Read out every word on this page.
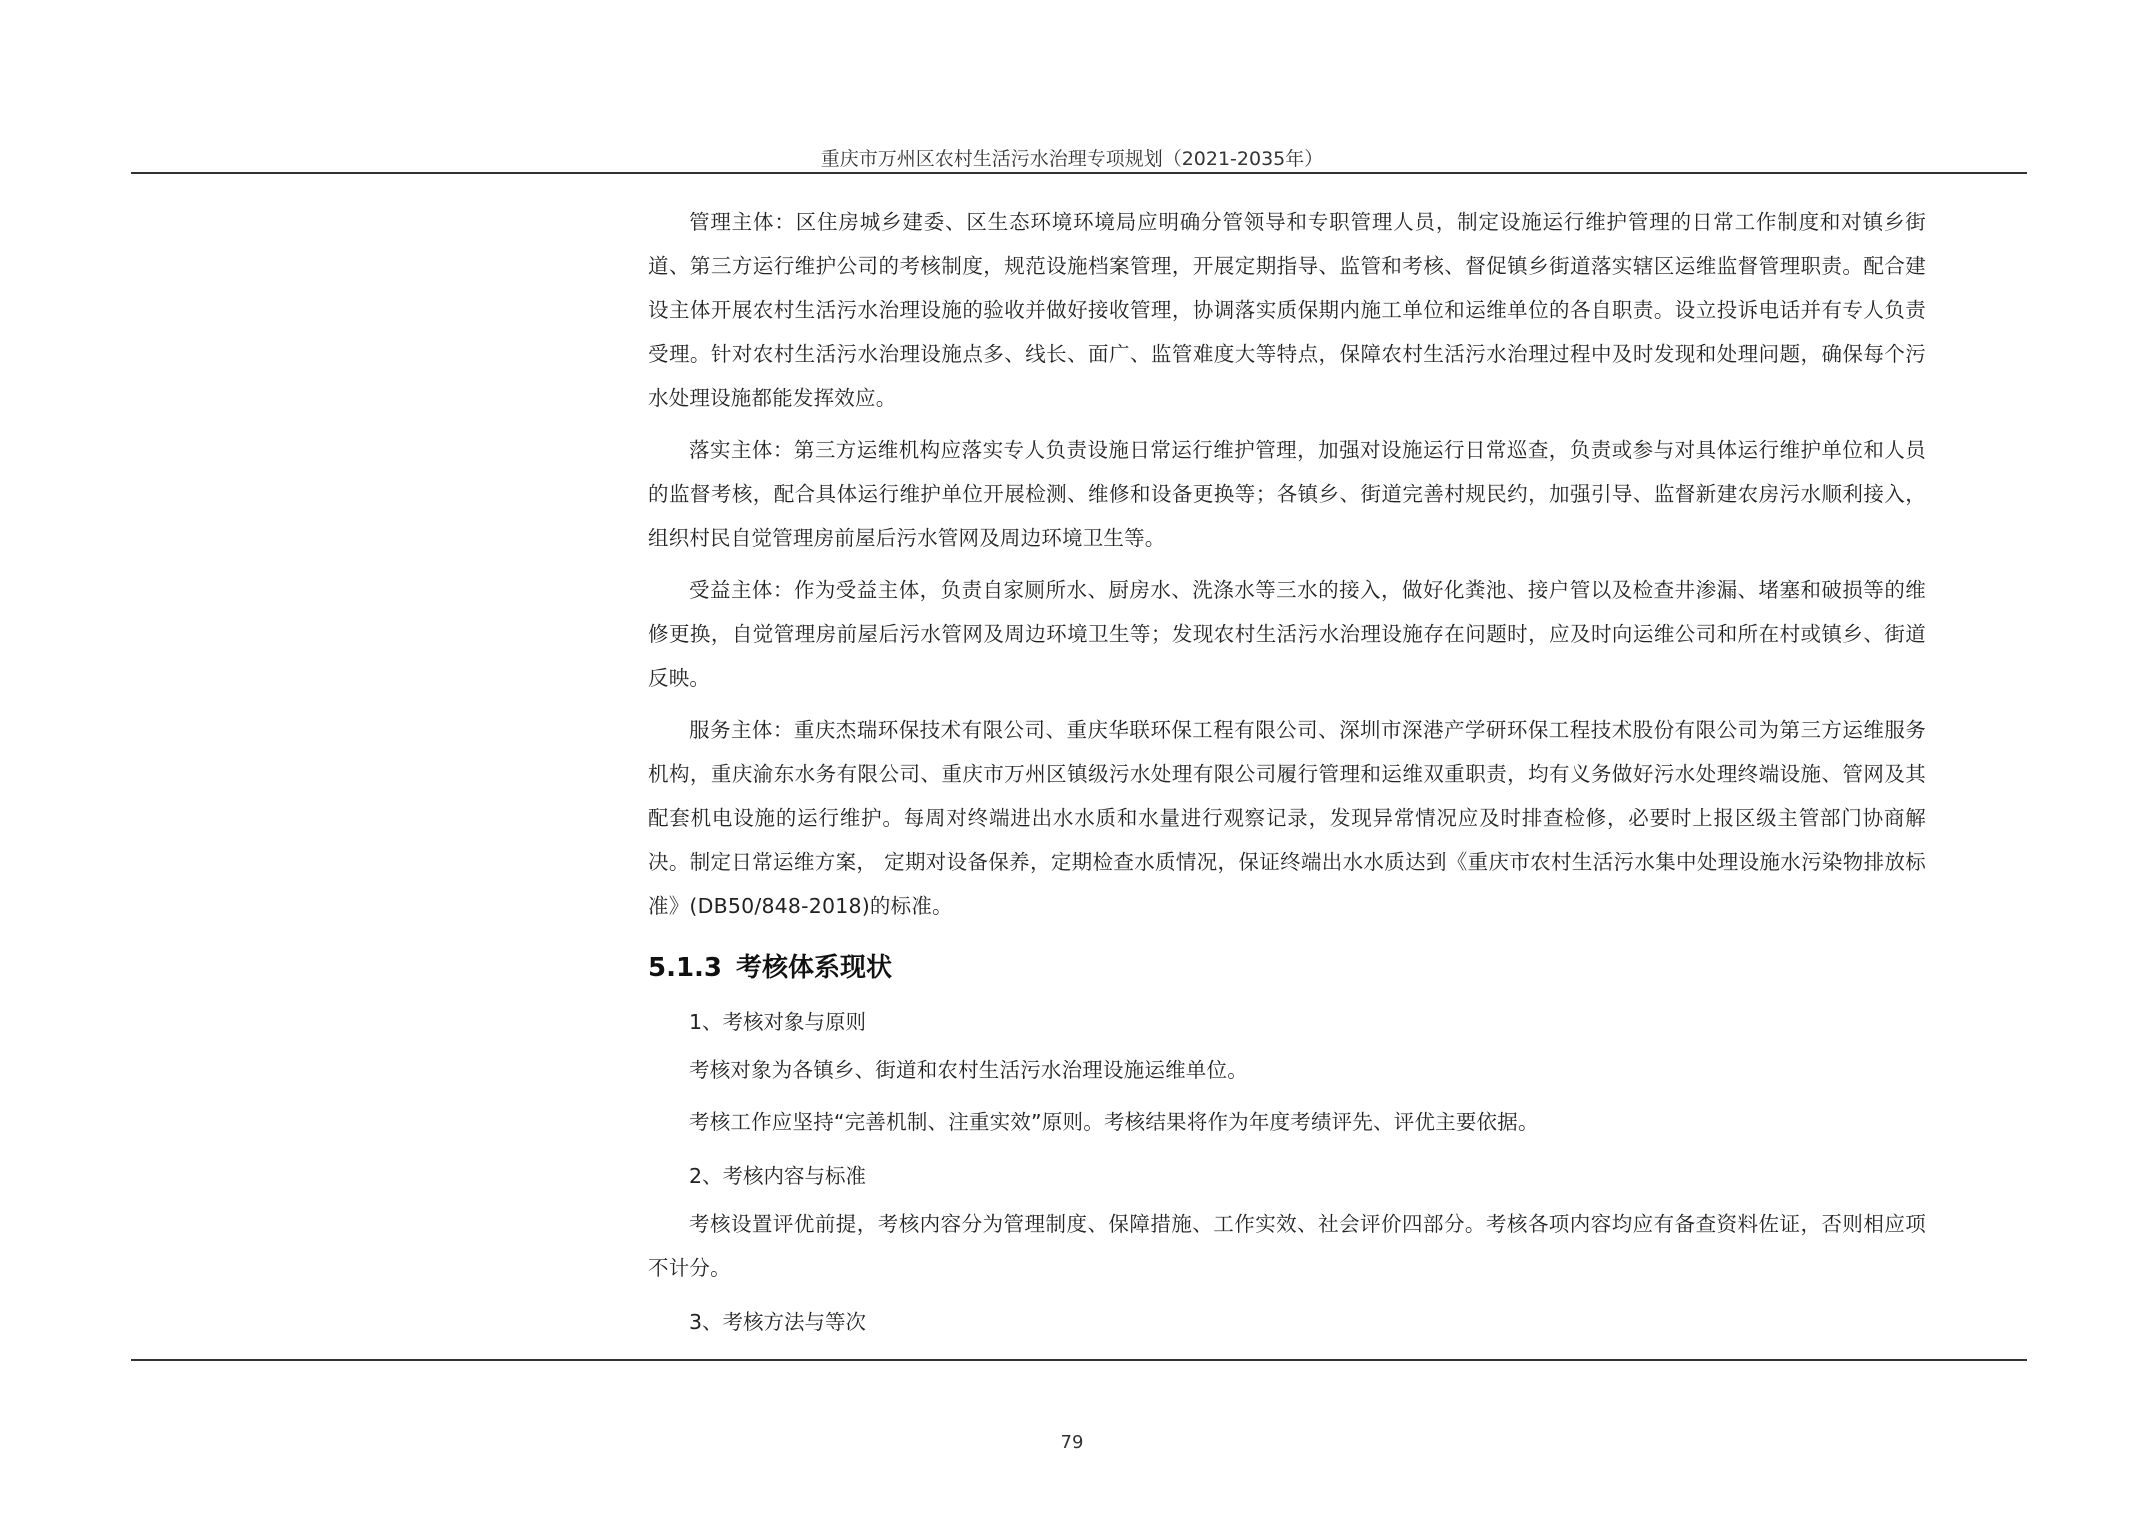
重庆市万州区农村生活污水治理专项规划（2021-2035年）

管理主体：区住房城乡建委、区生态环境环境局应明确分管领导和专职管理人员，制定设施运行维护管理的日常工作制度和对镇乡街道、第三方运行维护公司的考核制度，规范设施档案管理，开展定期指导、监管和考核、督促镇乡街道落实辖区运维监督管理职责。配合建设主体开展农村生活污水治理设施的验收并做好接收管理，协调落实质保期内施工单位和运维单位的各自职责。设立投诉电话并有专人负责受理。针对农村生活污水治理设施点多、线长、面广、监管难度大等特点，保障农村生活污水治理过程中及时发现和处理问题，确保每个污水处理设施都能发挥效应。

落实主体：第三方运维机构应落实专人负责设施日常运行维护管理，加强对设施运行日常巡查，负责或参与对具体运行维护单位和人员的监督考核，配合具体运行维护单位开展检测、维修和设备更换等；各镇乡、街道完善村规民约，加强引导、监督新建农房污水顺利接入，组织村民自觉管理房前屋后污水管网及周边环境卫生等。

受益主体：作为受益主体，负责自家厕所水、厨房水、洗涤水等三水的接入，做好化粪池、接户管以及检查井渗漏、堵塞和破损等的维修更换，自觉管理房前屋后污水管网及周边环境卫生等；发现农村生活污水治理设施存在问题时，应及时向运维公司和所在村或镇乡、街道反映。

服务主体：重庆杰瑞环保技术有限公司、重庆华联环保工程有限公司、深圳市深港产学研环保工程技术股份有限公司为第三方运维服务机构，重庆渝东水务有限公司、重庆市万州区镇级污水处理有限公司履行管理和运维双重职责，均有义务做好污水处理终端设施、管网及其配套机电设施的运行维护。每周对终端进出水水质和水量进行观察记录，发现异常情况应及时排查检修，必要时上报区级主管部门协商解决。制定日常运维方案， 定期对设备保养，定期检查水质情况，保证终端出水水质达到《重庆市农村生活污水集中处理设施水污染物排放标准》(DB50/848-2018)的标准。

5.1.3 考核体系现状
1、考核对象与原则

考核对象为各镇乡、街道和农村生活污水治理设施运维单位。

考核工作应坚持“完善机制、注重实效”原则。考核结果将作为年度考绩评先、评优主要依据。

2、考核内容与标准

考核设置评优前提，考核内容分为管理制度、保障措施、工作实效、社会评价四部分。考核各项内容均应有备查资料佐证，否则相应项不计分。

3、考核方法与等次
79
